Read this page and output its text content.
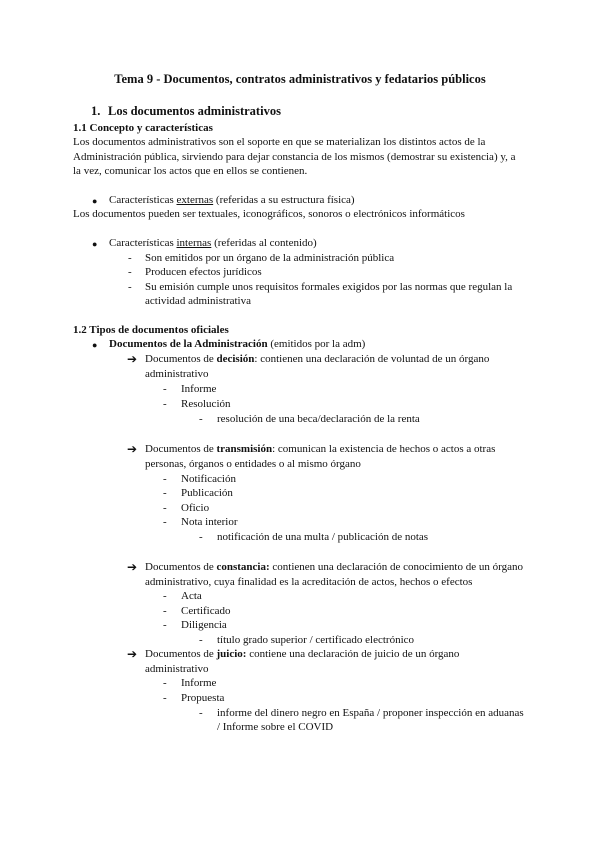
Tema 9 - Documentos, contratos administrativos y fedatarios públicos
1. Los documentos administrativos
1.1 Concepto y características
Los documentos administrativos son el soporte en que se materializan los distintos actos de la
Administración pública, sirviendo para dejar constancia de los mismos (demostrar su existencia) y, a
la vez, comunicar los actos que en ellos se contienen.
● Características externas (referidas a su estructura física)
Los documentos pueden ser textuales, iconográficos, sonoros o electrónicos informáticos
● Características internas (referidas al contenido)
- Son emitidos por un órgano de la administración pública
- Producen efectos jurídicos
- Su emisión cumple unos requisitos formales exigidos por las normas que regulan la
actividad administrativa
1.2 Tipos de documentos oficiales
● Documentos de la Administración (emitidos por la adm)
➔ Documentos de decisión: contienen una declaración de voluntad de un órgano
administrativo
- Informe
- Resolución
- resolución de una beca/declaración de la renta
➔ Documentos de transmisión: comunican la existencia de hechos o actos a otras
personas, órganos o entidades o al mismo órgano
- Notificación
- Publicación
- Oficio
- Nota interior
- notificación de una multa / publicación de notas
➔ Documentos de constancia: contienen una declaración de conocimiento de un órgano
administrativo, cuya finalidad es la acreditación de actos, hechos o efectos
- Acta
- Certificado
- Diligencia
- título grado superior / certificado electrónico
➔ Documentos de juicio: contiene una declaración de juicio de un órgano
administrativo
- Informe
- Propuesta
- informe del dinero negro en España / proponer inspección en aduanas
/ Informe sobre el COVID
